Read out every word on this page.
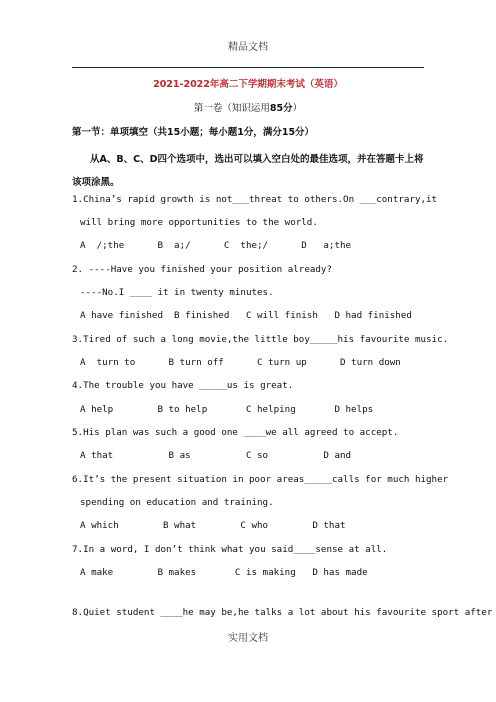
精品文档
2021-2022年高二下学期期末考试（英语）
第一卷（知识运用85分）
第一节：单项填空（共15小题；每小题1分，满分15分）
从A、B、C、D四个选项中，选出可以填入空白处的最佳选项，并在答题卡上将该项涂黑。
1.China’s rapid growth is not___threat to others.On ___contrary,it
will bring more opportunities to the world.
A  /;the      B  a;/      C  the;/      D   a;the
2. ----Have you finished your position already?
----No.I ____ it in twenty minutes.
A have finished  B finished   C will finish   D had finished
3.Tired of such a long movie,the little boy_____his favourite music.
A  turn to      B turn off      C turn up      D turn down
4.The trouble you have _____us is great.
A help        B to help       C helping       D helps
5.His plan was such a good one ____we all agreed to accept.
A that          B as          C so          D and
6.It’s the present situation in poor areas_____calls for much higher
spending on education and training.
A which        B what        C who        D that
7.In a word, I don’t think what you said____sense at all.
A make        B makes       C is making   D has made
8.Quiet student ____he may be,he talks a lot about his favourite sport after
实用文档
